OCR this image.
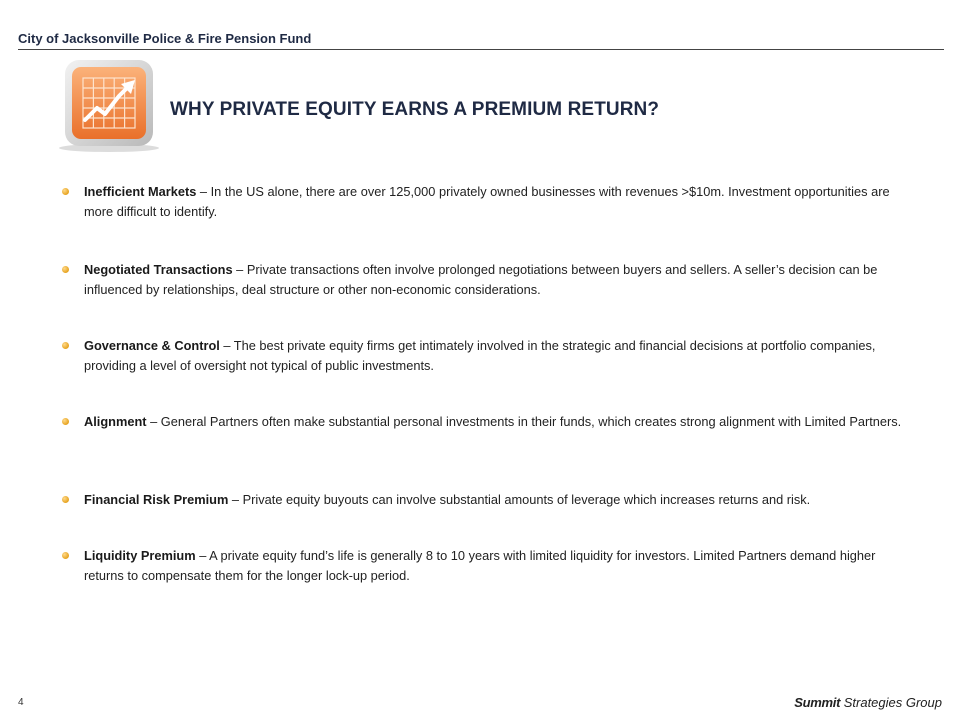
City of Jacksonville Police & Fire Pension Fund
WHY PRIVATE EQUITY EARNS A PREMIUM RETURN?
Inefficient Markets – In the US alone, there are over 125,000 privately owned businesses with revenues >$10m. Investment opportunities are more difficult to identify.
Negotiated Transactions – Private transactions often involve prolonged negotiations between buyers and sellers. A seller’s decision can be influenced by relationships, deal structure or other non-economic considerations.
Governance & Control – The best private equity firms get intimately involved in the strategic and financial decisions at portfolio companies, providing a level of oversight not typical of public investments.
Alignment – General Partners often make substantial personal investments in their funds, which creates strong alignment with Limited Partners.
Financial Risk Premium – Private equity buyouts can involve substantial amounts of leverage which increases returns and risk.
Liquidity Premium – A private equity fund’s life is generally 8 to 10 years with limited liquidity for investors. Limited Partners demand higher returns to compensate them for the longer lock-up period.
4	Summit Strategies Group
